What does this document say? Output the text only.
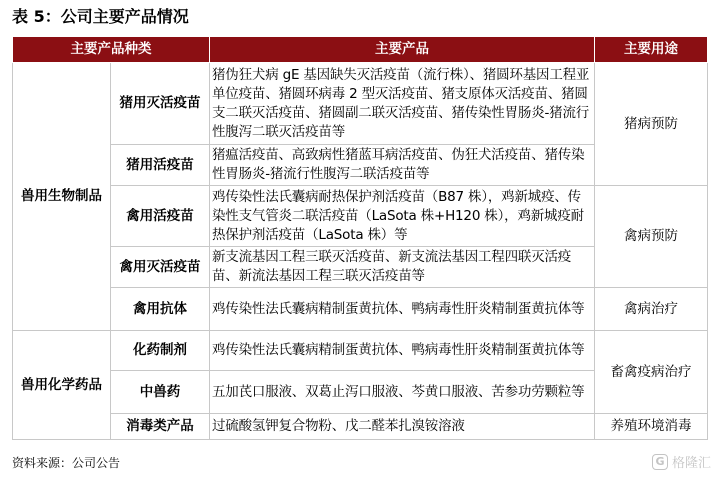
表 5：公司主要产品情况
主要产品种类		主要产品	主要用途
兽用生物制品	猪用灭活疫苗	猪伪狂犬病 gE 基因缺失灭活疫苗（流行株）、猪圆环基因工程亚单位疫苗、猪圆环病毒 2 型灭活疫苗、猪支原体灭活疫苗、猪圆支二联灭活疫苗、猪圆副二联灭活疫苗、猪传染性胃肠炎-猪流行性腹泻二联灭活疫苗等	猪病预防
	猪用活疫苗	猪瘟活疫苗、高致病性猪蓝耳病活疫苗、伪狂犬活疫苗、猪传染性胃肠炎-猪流行性腹泻二联活疫苗等	
	禽用活疫苗	鸡传染性法氏囊病耐热保护剂活疫苗（B87 株），鸡新城疫、传染性支气管炎二联活疫苗（LaSota 株+H120 株），鸡新城疫耐热保护剂活疫苗（LaSota 株）等	禽病预防
	禽用灭活疫苗	新支流基因工程三联灭活疫苗、新支流法基因工程四联灭活疫苗、新流法基因工程三联灭活疫苗等	
	禽用抗体	鸡传染性法氏囊病精制蛋黄抗体、鸭病毒性肝炎精制蛋黄抗体等	禽病治疗
兽用化学药品	化药制剂	鸡传染性法氏囊病精制蛋黄抗体、鸭病毒性肝炎精制蛋黄抗体等	畜禽疫病治疗
	中兽药	五加芪口服液、双葛止泻口服液、芩黄口服液、苦参功劳颗粒等	
	消毒类产品	过硫酸氢钾复合物粉、戊二醛苯扎溴铵溶液	养殖环境消毒
资料来源：公司公告	G 格隆汇
